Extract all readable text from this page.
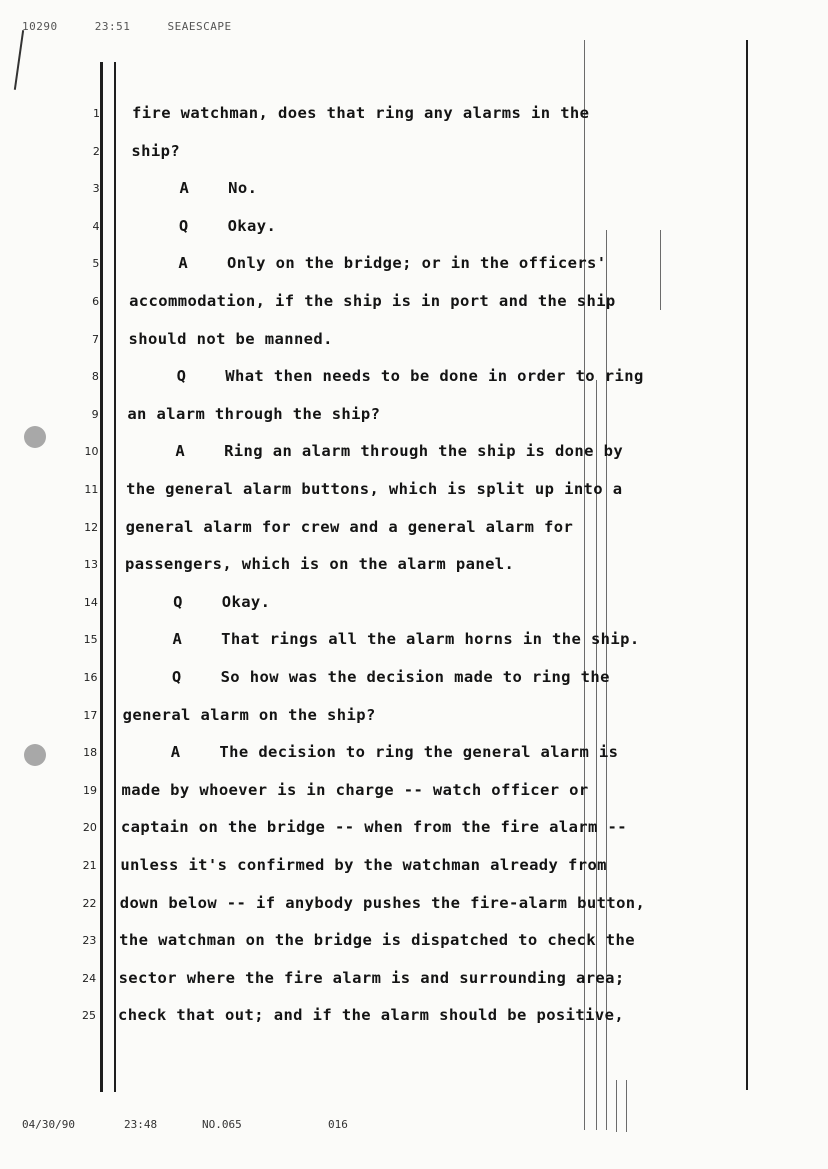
10290	23:51	SEAESCAPE
1 fire watchman, does that ring any alarms in the
2 ship?
3 A    No.
4 Q    Okay.
5 A    Only on the bridge; or in the officers'
6 accommodation, if the ship is in port and the ship
7 should not be manned.
8 Q    What then needs to be done in order to ring
9 an alarm through the ship?
10 A    Ring an alarm through the ship is done by
11 the general alarm buttons, which is split up into a
12 general alarm for crew and a general alarm for
13 passengers, which is on the alarm panel.
14 Q    Okay.
15 A    That rings all the alarm horns in the ship.
16 Q    So how was the decision made to ring the
17 general alarm on the ship?
18 A    The decision to ring the general alarm is
19 made by whoever is in charge -- watch officer or
20 captain on the bridge -- when from the fire alarm --
21 unless it's confirmed by the watchman already from
22 down below -- if anybody pushes the fire-alarm button,
23 the watchman on the bridge is dispatched to check the
24 sector where the fire alarm is and surrounding area;
25 check that out; and if the alarm should be positive,
04/30/90	23:48	NO.065	016
